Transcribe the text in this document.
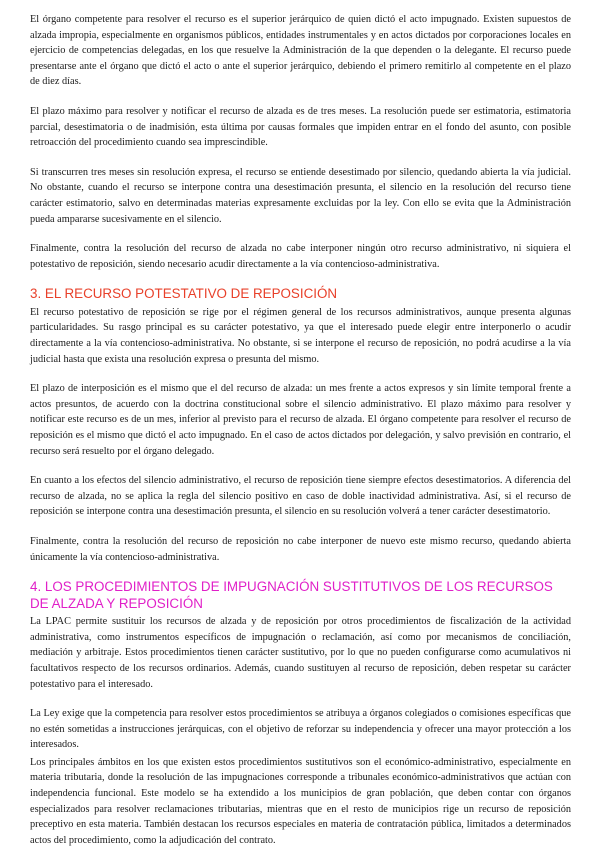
El órgano competente para resolver el recurso es el superior jerárquico de quien dictó el acto impugnado. Existen supuestos de alzada impropia, especialmente en organismos públicos, entidades instrumentales y en actos dictados por corporaciones locales en ejercicio de competencias delegadas, en los que resuelve la Administración de la que dependen o la delegante. El recurso puede presentarse ante el órgano que dictó el acto o ante el superior jerárquico, debiendo el primero remitirlo al competente en el plazo de diez días.

El plazo máximo para resolver y notificar el recurso de alzada es de tres meses. La resolución puede ser estimatoria, estimatoria parcial, desestimatoria o de inadmisión, esta última por causas formales que impiden entrar en el fondo del asunto, con posible retroacción del procedimiento cuando sea imprescindible.

Si transcurren tres meses sin resolución expresa, el recurso se entiende desestimado por silencio, quedando abierta la vía judicial. No obstante, cuando el recurso se interpone contra una desestimación presunta, el silencio en la resolución del recurso tiene carácter estimatorio, salvo en determinadas materias expresamente excluidas por la ley. Con ello se evita que la Administración pueda ampararse sucesivamente en el silencio.

Finalmente, contra la resolución del recurso de alzada no cabe interponer ningún otro recurso administrativo, ni siquiera el potestativo de reposición, siendo necesario acudir directamente a la vía contencioso-administrativa.

3. EL RECURSO POTESTATIVO DE REPOSICIÓN

El recurso potestativo de reposición se rige por el régimen general de los recursos administrativos, aunque presenta algunas particularidades. Su rasgo principal es su carácter potestativo, ya que el interesado puede elegir entre interponerlo o acudir directamente a la vía contencioso-administrativa. No obstante, si se interpone el recurso de reposición, no podrá acudirse a la vía judicial hasta que exista una resolución expresa o presunta del mismo.

El plazo de interposición es el mismo que el del recurso de alzada: un mes frente a actos expresos y sin límite temporal frente a actos presuntos, de acuerdo con la doctrina constitucional sobre el silencio administrativo. El plazo máximo para resolver y notificar este recurso es de un mes, inferior al previsto para el recurso de alzada. El órgano competente para resolver el recurso de reposición es el mismo que dictó el acto impugnado. En el caso de actos dictados por delegación, y salvo previsión en contrario, el recurso será resuelto por el órgano delegado.

En cuanto a los efectos del silencio administrativo, el recurso de reposición tiene siempre efectos desestimatorios. A diferencia del recurso de alzada, no se aplica la regla del silencio positivo en caso de doble inactividad administrativa. Así, si el recurso de reposición se interpone contra una desestimación presunta, el silencio en su resolución volverá a tener carácter desestimatorio.

Finalmente, contra la resolución del recurso de reposición no cabe interponer de nuevo este mismo recurso, quedando abierta únicamente la vía contencioso-administrativa.

4. LOS PROCEDIMIENTOS DE IMPUGNACIÓN SUSTITUTIVOS DE LOS RECURSOS DE ALZADA Y REPOSICIÓN

La LPAC permite sustituir los recursos de alzada y de reposición por otros procedimientos de fiscalización de la actividad administrativa, como instrumentos específicos de impugnación o reclamación, así como por mecanismos de conciliación, mediación y arbitraje. Estos procedimientos tienen carácter sustitutivo, por lo que no pueden configurarse como acumulativos ni facultativos respecto de los recursos ordinarios. Además, cuando sustituyen al recurso de reposición, deben respetar su carácter potestativo para el interesado.

La Ley exige que la competencia para resolver estos procedimientos se atribuya a órganos colegiados o comisiones específicas que no estén sometidas a instrucciones jerárquicas, con el objetivo de reforzar su independencia y ofrecer una mayor protección a los interesados.

Los principales ámbitos en los que existen estos procedimientos sustitutivos son el económico-administrativo, especialmente en materia tributaria, donde la resolución de las impugnaciones corresponde a tribunales económico-administrativos que actúan con independencia funcional. Este modelo se ha extendido a los municipios de gran población, que deben contar con órganos especializados para resolver reclamaciones tributarias, mientras que en el resto de municipios rige un recurso de reposición preceptivo en esta materia. También destacan los recursos especiales en materia de contratación pública, limitados a determinados actos del procedimiento, como la adjudicación del contrato.
